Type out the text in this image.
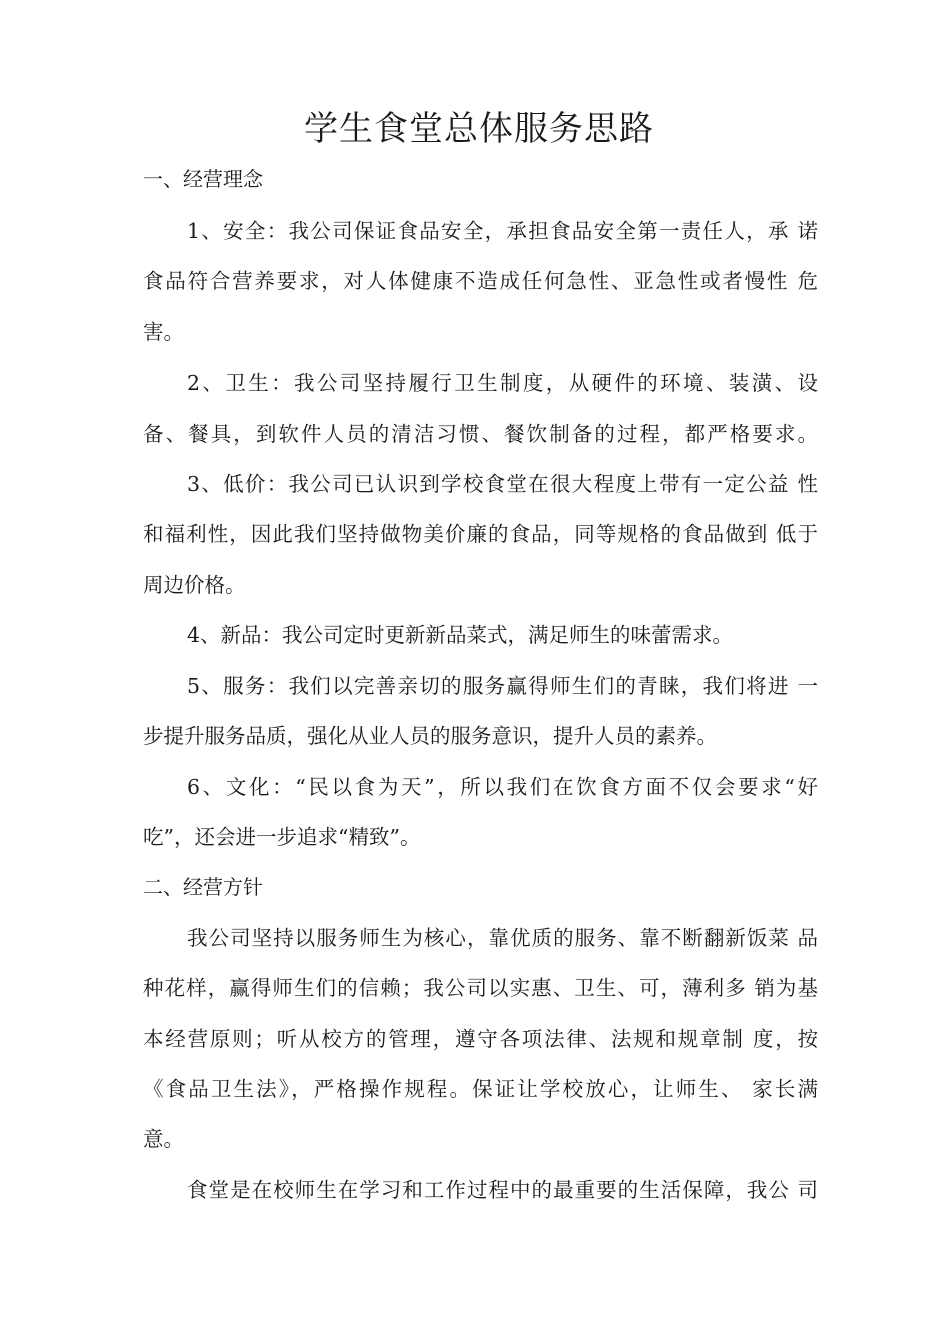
学生食堂总体服务思路
一、经营理念
1、安全：我公司保证食品安全，承担食品安全第一责任人，承 诺
食品符合营养要求，对人体健康不造成任何急性、亚急性或者慢性 危
害。
2、卫生：我公司坚持履行卫生制度，从硬件的环境、装潢、设
备、餐具，到软件人员的清洁习惯、餐饮制备的过程，都严格要求。
3、低价：我公司已认识到学校食堂在很大程度上带有一定公益 性
和福利性，因此我们坚持做物美价廉的食品，同等规格的食品做到 低于
周边价格。
4、新品：我公司定时更新新品菜式，满足师生的味蕾需求。
5、服务：我们以完善亲切的服务赢得师生们的青睐，我们将进 一
步提升服务品质，强化从业人员的服务意识，提升人员的素养。
6、文化：“民以食为天”，所以我们在饮食方面不仅会要求“好
吃”，还会进一步追求“精致”。
二、经营方针
我公司坚持以服务师生为核心，靠优质的服务、靠不断翻新饭菜 品
种花样，赢得师生们的信赖；我公司以实惠、卫生、可，薄利多 销为基
本经营原则；听从校方的管理，遵守各项法律、法规和规章制 度，按
《食品卫生法》，严格操作规程。保证让学校放心，让师生、 家长满
意。
食堂是在校师生在学习和工作过程中的最重要的生活保障，我公 司
